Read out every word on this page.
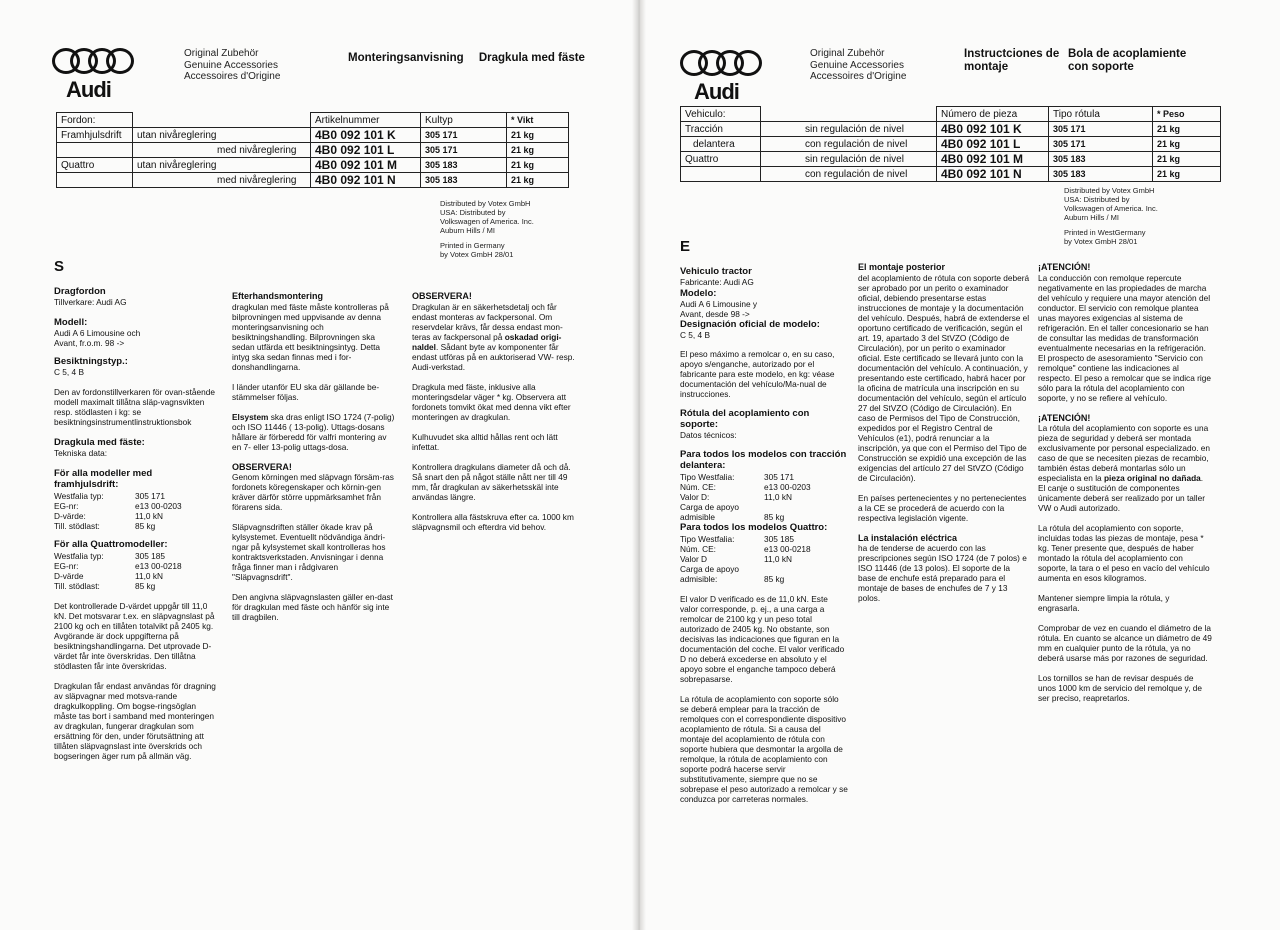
Audi
Original Zubehör
Genuine Accessories
Accessoires d'Origine
Monteringsanvisning Dragkula med fäste
Fordon:		Artikelnummer	Kultyp	* Vikt
Framhjulsdrift	utan nivåreglering	4B0 092 101 K	305 171	21 kg
	med nivåreglering	4B0 092 101 L	305 171	21 kg
Quattro	utan nivåreglering	4B0 092 101 M	305 183	21 kg
	med nivåreglering	4B0 092 101 N	305 183	21 kg
Distributed by Votex GmbH
USA: Distributed by
Volkswagen of America. Inc.
Auburn Hills / MI
Printed in Germany
by Votex GmbH 28/01
S
Dragfordon
Tillverkare: Audi AG
Modell:
Audi A 6 Limousine och
Avant, fr.o.m. 98 ->
Besiktningstyp.:
C 5, 4 B

Den av fordonstillverkaren för ovan-stående modell maximalt tillåtna släp-vagnsvikten resp. stödlasten i kg: se besiktningsinstrumentlinstruktionsbok

Dragkula med fäste:
Tekniska data:
För alla modeller med framhjulsdrift:
Westfalia typ:	305 171
EG-nr:	e13 00-0203
D-värde:	11,0 kN
Till. stödlast:	85 kg
För alla Quattromodeller:
Westfalia typ:	305 185
EG-nr:	e13 00-0218
D-värde	11,0 kN
Till. stödlast:	85 kg

Det kontrollerade D-värdet uppgår till 11,0 kN. Det motsvarar t.ex. en släpvagnslast på 2100 kg och en tillåten totalvikt på 2405 kg. Avgörande är dock uppgifterna på besiktningshandlingarna. Det utprovade D-värdet får inte överskridas. Den tillåtna stödlasten får inte överskridas.

Dragkulan får endast användas för dragning av släpvagnar med motsva-rande dragkulkoppling. Om bogse-ringsöglan måste tas bort i samband med monteringen av dragkulan, fungerar dragkulan som ersättning för den, under förutsättning att tillåten släpvagnslast inte överskrids och bogseringen äger rum på allmän väg.

Efterhandsmontering

dragkulan med fäste måste kontrolleras på bilprovningen med uppvisande av denna monteringsanvisning och besiktningshandling. Bilprovningen ska sedan utfärda ett besiktningsintyg. Detta intyg ska sedan finnas med i for-donshandlingarna.

I länder utanför EU ska där gällande be-stämmelser följas.

Elsystem ska dras enligt ISO 1724 (7-polig) och ISO 11446 ( 13-polig). Uttags-dosans hållare är förberedd för valfri montering av en 7- eller 13-polig uttags-dosa.

OBSERVERA!

Genom körningen med släpvagn försäm-ras fordonets köregenskaper och körnin-gen kräver därför större uppmärksamhet från förarens sida.

Släpvagnsdriften ställer ökade krav på kylsystemet. Eventuellt nödvändiga ändri-ngar på kylsystemet skall kontrolleras hos kontraktsverkstaden. Anvisningar i denna fråga finner man i rådgivaren "Släpvagnsdrift".

Den angivna släpvagnslasten gäller en-dast för dragkulan med fäste och hänför sig inte till dragbilen.

OBSERVERA!

Dragkulan är en säkerhetsdetalj och får endast monteras av fackpersonal. Om reservdelar krävs, får dessa endast mon-teras av fackpersonal på oskadad origi-naldel. Sådant byte av komponenter får endast utföras på en auktoriserad VW- resp. Audi-verkstad.

Dragkula med fäste, inklusive alla monteringsdelar väger * kg. Observera att fordonets tomvikt ökat med denna vikt efter monteringen av dragkulan.

Kulhuvudet ska alltid hållas rent och lätt infettat.

Kontrollera dragkulans diameter då och då. Så snart den på något ställe nått ner till 49 mm, får dragkulan av säkerhetsskäl inte användas längre.

Kontrollera alla fästskruva efter ca. 1000 km släpvagnsmil och efterdra vid behov.

Audi
Original Zubehör
Genuine Accessories
Accessoires d'Origine
Instructciones de
montaje
Bola de acoplamiente
con soporte
Vehiculo:		Número de pieza	Tipo rótula	* Peso
Tracción	sin regulación de nivel	4B0 092 101 K	305 171	21 kg
delantera	con regulación de nivel	4B0 092 101 L	305 171	21 kg
Quattro	sin regulación de nivel	4B0 092 101 M	305 183	21 kg
	con regulación de nivel	4B0 092 101 N	305 183	21 kg
Distributed by Votex GmbH
USA: Distributed by
Volkswagen of America. Inc.
Auburn Hills / MI
Printed in WestGermany
by Votex GmbH 28/01
E
Vehiculo tractor
Fabricante: Audi AG
Modelo:
Audi A 6 Limousine y
Avant, desde 98 ->
Designación oficial de modelo:
C 5, 4 B

El peso máximo a remolcar o, en su caso, apoyo s/enganche, autorizado por el fabricante para este modelo, en kg: véase documentación del vehículo/Ma-nual de instrucciones.

Rótula del acoplamiento con soporte:
Datos técnicos:
Para todos los modelos con tracción delantera:
Tipo Westfalia:	305 171
Núm. CE:	e13 00-0203
Valor D:	11,0 kN
Carga de apoyo
admisible	85 kg
Para todos los modelos Quattro:
Tipo Westfalia:	305 185
Núm. CE:	e13 00-0218
Valor D	11,0 kN
Carga de apoyo
admisible:	85 kg

El valor D verificado es de 11,0 kN. Este valor corresponde, p. ej., a una carga a remolcar de 2100 kg y un peso total autorizado de 2405 kg. No obstante, son decisivas las indicaciones que figuran en la documentación del coche. El valor verificado D no deberá excederse en absoluto y el apoyo sobre el enganche tampoco deberá sobrepasarse.

La rótula de acoplamiento con soporte sólo se deberá emplear para la tracción de remolques con el correspondiente dispositivo acoplamiento de rótula. Si a causa del montaje del acoplamiento de rótula con soporte hubiera que desmontar la argolla de remolque, la rótula de acoplamiento con soporte podrá hacerse servir substitutivamente, siempre que no se sobrepase el peso autorizado a remolcar y se conduzca por carreteras normales.

El montaje posterior

del acoplamiento de rótula con soporte deberá ser aprobado por un perito o examinador oficial, debiendo presentarse estas instrucciones de montaje y la documentación del vehículo. Después, habrá de extenderse el oportuno certificado de verificación, según el art. 19, apartado 3 del StVZO (Código de Circulación), por un perito o examinador oficial. Este certificado se llevará junto con la documentación del vehículo. A continuación, y presentando este certificado, habrá hacer por la oficina de matrícula una inscripción en su documentación del vehículo, según el artículo 27 del StVZO (Código de Circulación). En caso de Permisos del Tipo de Construcción, expedidos por el Registro Central de Vehículos (e1), podrá renunciar a la inscripción, ya que con el Permiso del Tipo de Construcción se expidió una excepción de las exigencias del artículo 27 del StVZO (Código de Circulación).

En países pertenecientes y no pertenecientes a la CE se procederá de acuerdo con la respectiva legislación vigente.

La instalación eléctrica

ha de tenderse de acuerdo con las prescripciones según ISO 1724 (de 7 polos) e ISO 11446 (de 13 polos). El soporte de la base de enchufe está preparado para el montaje de bases de enchufes de 7 y 13 polos.

¡ATENCIÓN!

La conducción con remolque repercute negativamente en las propiedades de marcha del vehículo y requiere una mayor atención del conductor. El servicio con remolque plantea unas mayores exigencias al sistema de refrigeración. En el taller concesionario se han de consultar las medidas de transformación eventualmente necesarias en la refrigeración. El prospecto de asesoramiento "Servicio con remolque" contiene las indicaciones al respecto. El peso a remolcar que se indica rige sólo para la rótula del acoplamiento con soporte, y no se refiere al vehículo.

¡ATENCIÓN!

La rótula del acoplamiento con soporte es una pieza de seguridad y deberá ser montada exclusivamente por personal especializado. en caso de que se necesiten piezas de recambio, también éstas deberá montarlas sólo un especialista en la pieza original no dañada. El canje o sustitución de componentes únicamente deberá ser realizado por un taller VW o Audi autorizado.

La rótula del acoplamiento con soporte, incluidas todas las piezas de montaje, pesa * kg. Tener presente que, después de haber montado la rótula del acoplamiento con soporte, la tara o el peso en vacío del vehículo aumenta en esos kilogramos.

Mantener siempre limpia la rótula, y engrasarla.

Comprobar de vez en cuando el diámetro de la rótula. En cuanto se alcance un diámetro de 49 mm en cualquier punto de la rótula, ya no deberá usarse más por razones de seguridad.

Los tornillos se han de revisar después de unos 1000 km de servicio del remolque y, de ser preciso, reapretarlos.
